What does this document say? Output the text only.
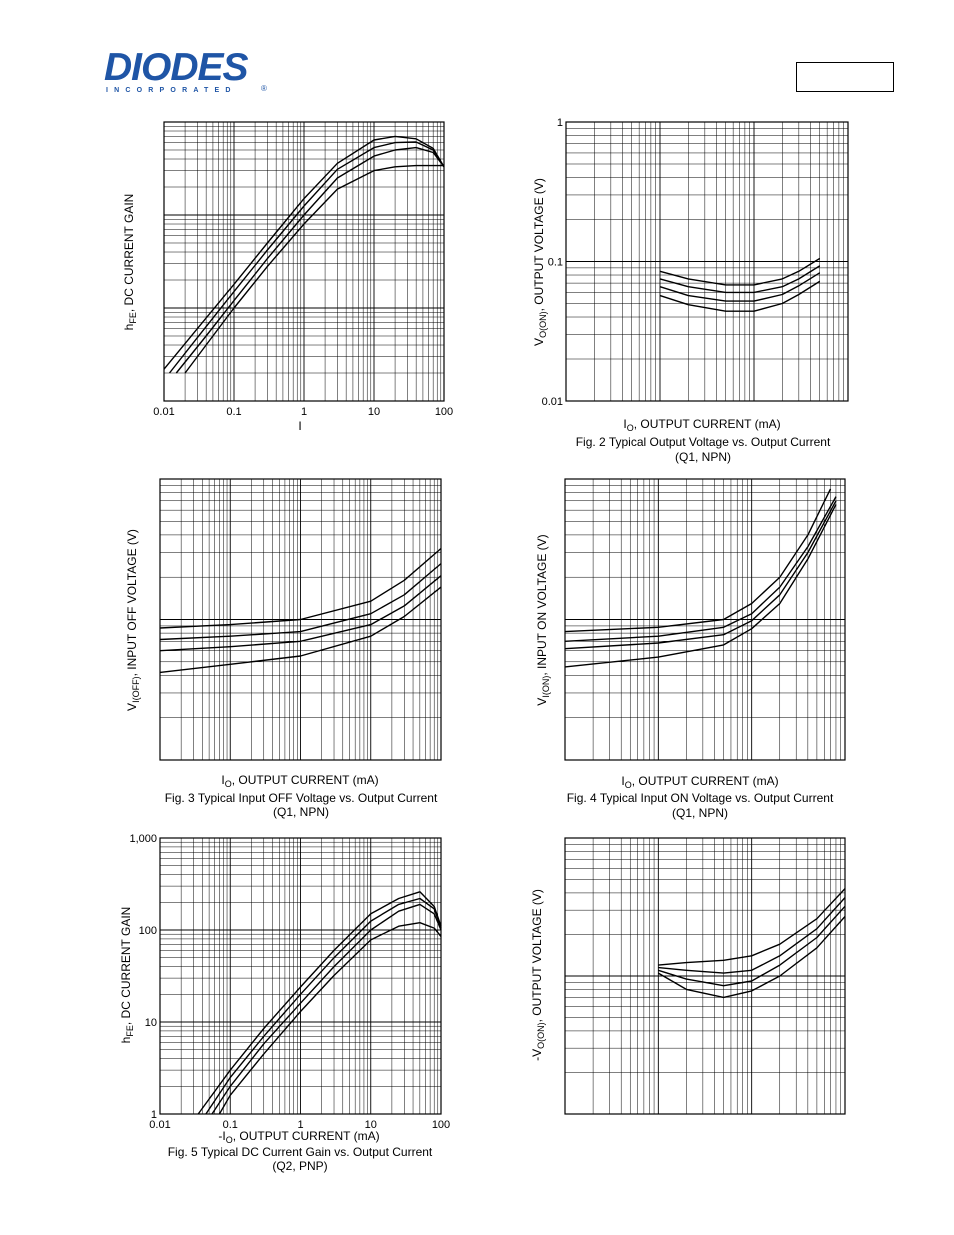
DIODES
INCORPORATED	®
0.01	0.1	1	10	100
I
$h_{FE}$, DC CURRENT GAIN
1
0.1
0.01
$I_O$, OUTPUT CURRENT (mA)
$V_{O(ON)}$, OUTPUT VOLTAGE (V)
Fig. 2 Typical Output Voltage vs. Output Current
(Q1, NPN)
$I_O$, OUTPUT CURRENT (mA)
$V_{I(OFF)}$, INPUT OFF VOLTAGE (V)
Fig. 3 Typical Input OFF Voltage vs. Output Current
(Q1, NPN)
$I_O$, OUTPUT CURRENT (mA)
$V_{I(ON)}$, INPUT ON VOLTAGE (V)
Fig. 4 Typical Input ON Voltage vs. Output Current
(Q1, NPN)
0.01	0.1	1	10	100
1,000
100
10
1
$-I_O$, OUTPUT CURRENT (mA)
$h_{FE}$, DC CURRENT GAIN
Fig. 5 Typical DC Current Gain vs. Output Current
(Q2, PNP)
$-V_{O(ON)}$, OUTPUT VOLTAGE (V)
